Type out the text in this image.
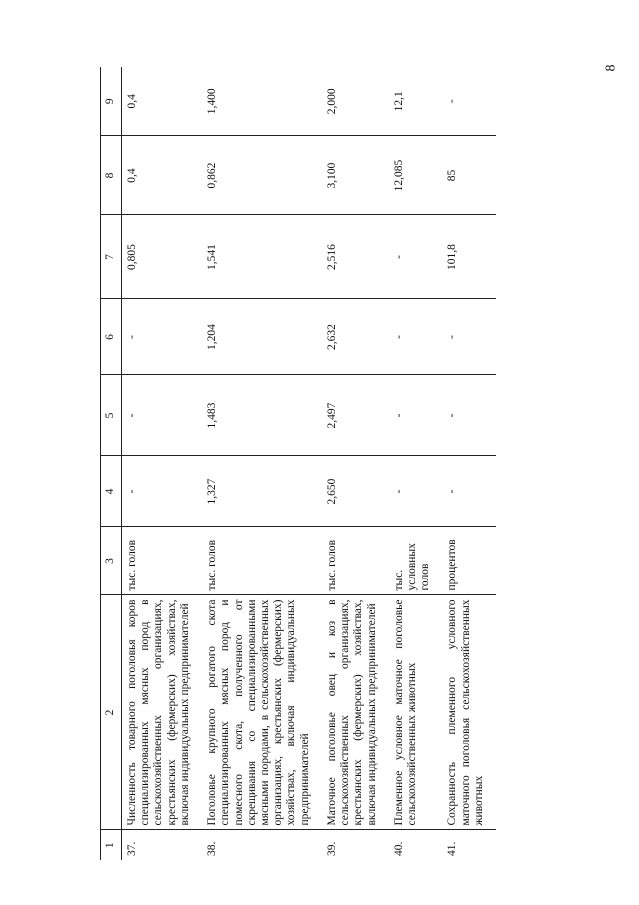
8
1	2	3	4	5	6	7	8	9
37.	Численность товарного поголовья коров специализированных мясных пород в сельскохозяйственных организациях, крестьянских (фермерских) хозяйствах, включая индивидуальных предпринимателей	тыс. голов	-	-	-	0,805	0,4	0,4
38.	Поголовье крупного рогатого скота специализированных мясных пород и помесного скота, полученного от скрещивания со специализированными мясными породами, в сельскохозяйственных организациях, крестьянских (фермерских) хозяйствах, включая индивидуальных предпринимателей	тыс. голов	1,327	1,483	1,204	1,541	0,862	1,400
39.	Маточное поголовье овец и коз в сельскохозяйственных организациях, крестьянских (фермерских) хозяйствах, включая индивидуальных предпринимателей	тыс. голов	2,650	2,497	2,632	2,516	3,100	2,000
40.	Племенное условное маточное поголовье сельскохозяйственных животных	тыс. условных голов	-	-	-	-	12,085	12,1
41.	Сохранность племенного условного маточного поголовья сельскохозяйственных животных	процентов	-	-	-	101,8	85	-
